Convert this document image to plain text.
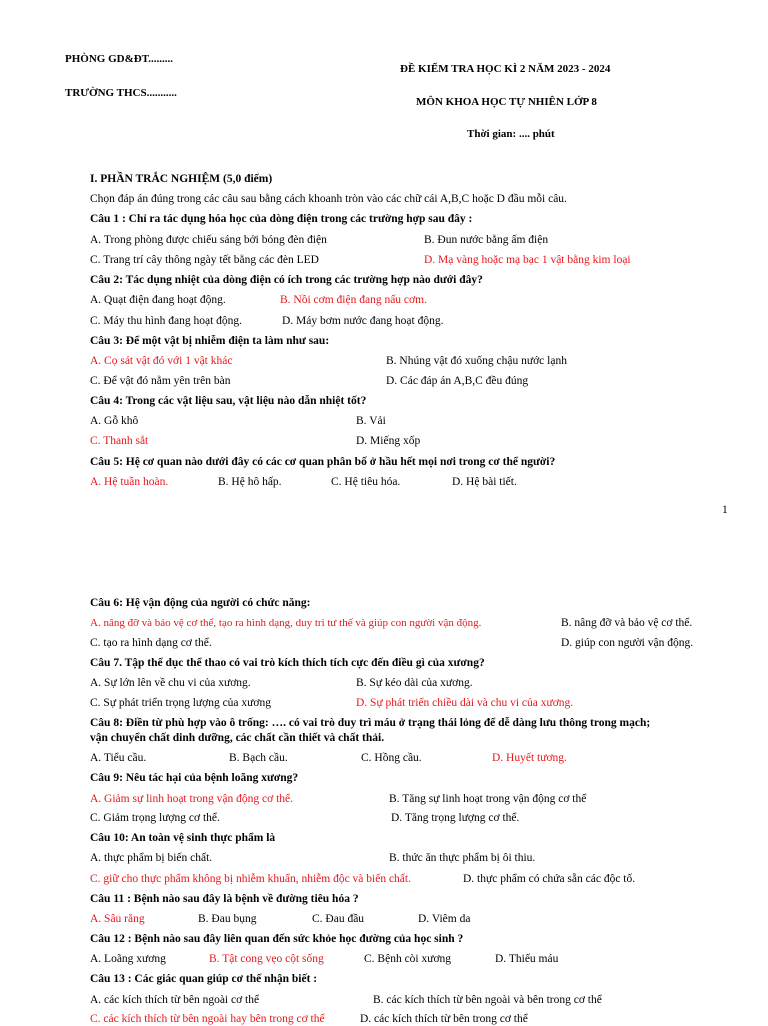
PHÒNG GD&ĐT.........
TRƯỜNG THCS...........
ĐỀ KIỂM TRA HỌC KÌ 2 NĂM 2023 - 2024
MÔN KHOA HỌC TỰ NHIÊN LỚP 8
Thời gian: .... phút
I. PHẦN TRẮC NGHIỆM (5,0 điểm)
Chọn đáp án đúng trong các câu sau bằng cách khoanh tròn vào các chữ cái A,B,C hoặc D đầu mỗi câu.
Câu 1 : Chỉ ra tác dụng hóa học của dòng điện trong các trường hợp sau đây :
A. Trong phòng được chiếu sáng bởi bóng đèn điện	B. Đun nước bằng ấm điện
C. Trang trí cây thông ngày tết bằng các đèn LED	D. Mạ vàng hoặc mạ bạc 1 vật bằng kim loại
Câu 2: Tác dụng nhiệt của dòng điện có ích trong các trường hợp nào dưới đây?
A. Quạt điện đang hoạt động.	B. Nồi cơm điện đang nấu cơm.
C. Máy thu hình đang hoạt động.	D. Máy bơm nước đang hoạt động.
Câu 3: Để một vật bị nhiễm điện ta làm như sau:
A. Cọ sát vật đó với 1 vật khác	B. Nhúng vật đó xuống chậu nước lạnh
C. Để vật đó nằm yên trên bàn	D. Các đáp án A,B,C đều đúng
Câu 4: Trong các vật liệu sau, vật liệu nào dẫn nhiệt tốt?
A. Gỗ khô	B. Vải
C. Thanh sắt	D. Miếng xốp
Câu 5: Hệ cơ quan nào dưới đây có các cơ quan phân bố ở hầu hết mọi nơi trong cơ thể người?
A. Hệ tuần hoàn.	B. Hệ hô hấp.	C. Hệ tiêu hóa.	D. Hệ bài tiết.
1
Câu 6: Hệ vận động của người có chức năng:
A. nâng đỡ và bảo vệ cơ thể, tạo ra hình dạng, duy trì tư thế và giúp con người vận động.	B. nâng đỡ và bảo vệ cơ thể.
C. tạo ra hình dạng cơ thể.	D. giúp con người vận động.
Câu 7. Tập thể dục thể thao có vai trò kích thích tích cực đến điều gì của xương?
A. Sự lớn lên về chu vi của xương.	B. Sự kéo dài của xương.
C. Sự phát triển trọng lượng của xương	D. Sự phát triển chiều dài và chu vi của xương.
Câu 8: Điền từ phù hợp vào ô trống: …. có vai trò duy trì máu ở trạng thái lỏng để dễ dàng lưu thông trong mạch;
vận chuyển chất dinh dưỡng, các chất cần thiết và chất thải.
A. Tiểu cầu.	B. Bạch cầu.	C. Hồng cầu.	D. Huyết tương.
Câu 9: Nêu tác hại của bệnh loãng xương?
A. Giảm sự linh hoạt trong vận động cơ thể.	B. Tăng sự linh hoạt trong vận động cơ thể
C. Giảm trọng lượng cơ thể.	D. Tăng trọng lượng cơ thể.
Câu 10: An toàn vệ sinh thực phẩm là
A. thực phẩm bị biến chất.	B. thức ăn thực phẩm bị ôi thiu.
C. giữ cho thực phẩm không bị nhiễm khuẩn, nhiễm độc và biến chất.	D. thực phẩm có chứa sẵn các độc tố.
Câu 11 : Bệnh nào sau đây là bệnh về đường tiêu hóa ?
A. Sâu răng	B. Đau bụng	C. Đau đầu	D. Viêm da
Câu 12 : Bệnh nào sau đây liên quan đến sức khỏe học đường của học sinh ?
A. Loãng xương	B. Tật cong vẹo cột sống	C. Bệnh còi xương	D. Thiếu máu
Câu 13 : Các giác quan giúp cơ thể nhận biết :
A. các kích thích từ bên ngoài cơ thể	B. các kích thích từ bên ngoài và bên trong cơ thể
C. các kích thích từ bên ngoài hay bên trong cơ thể	D. các kích thích từ bên trong cơ thể
